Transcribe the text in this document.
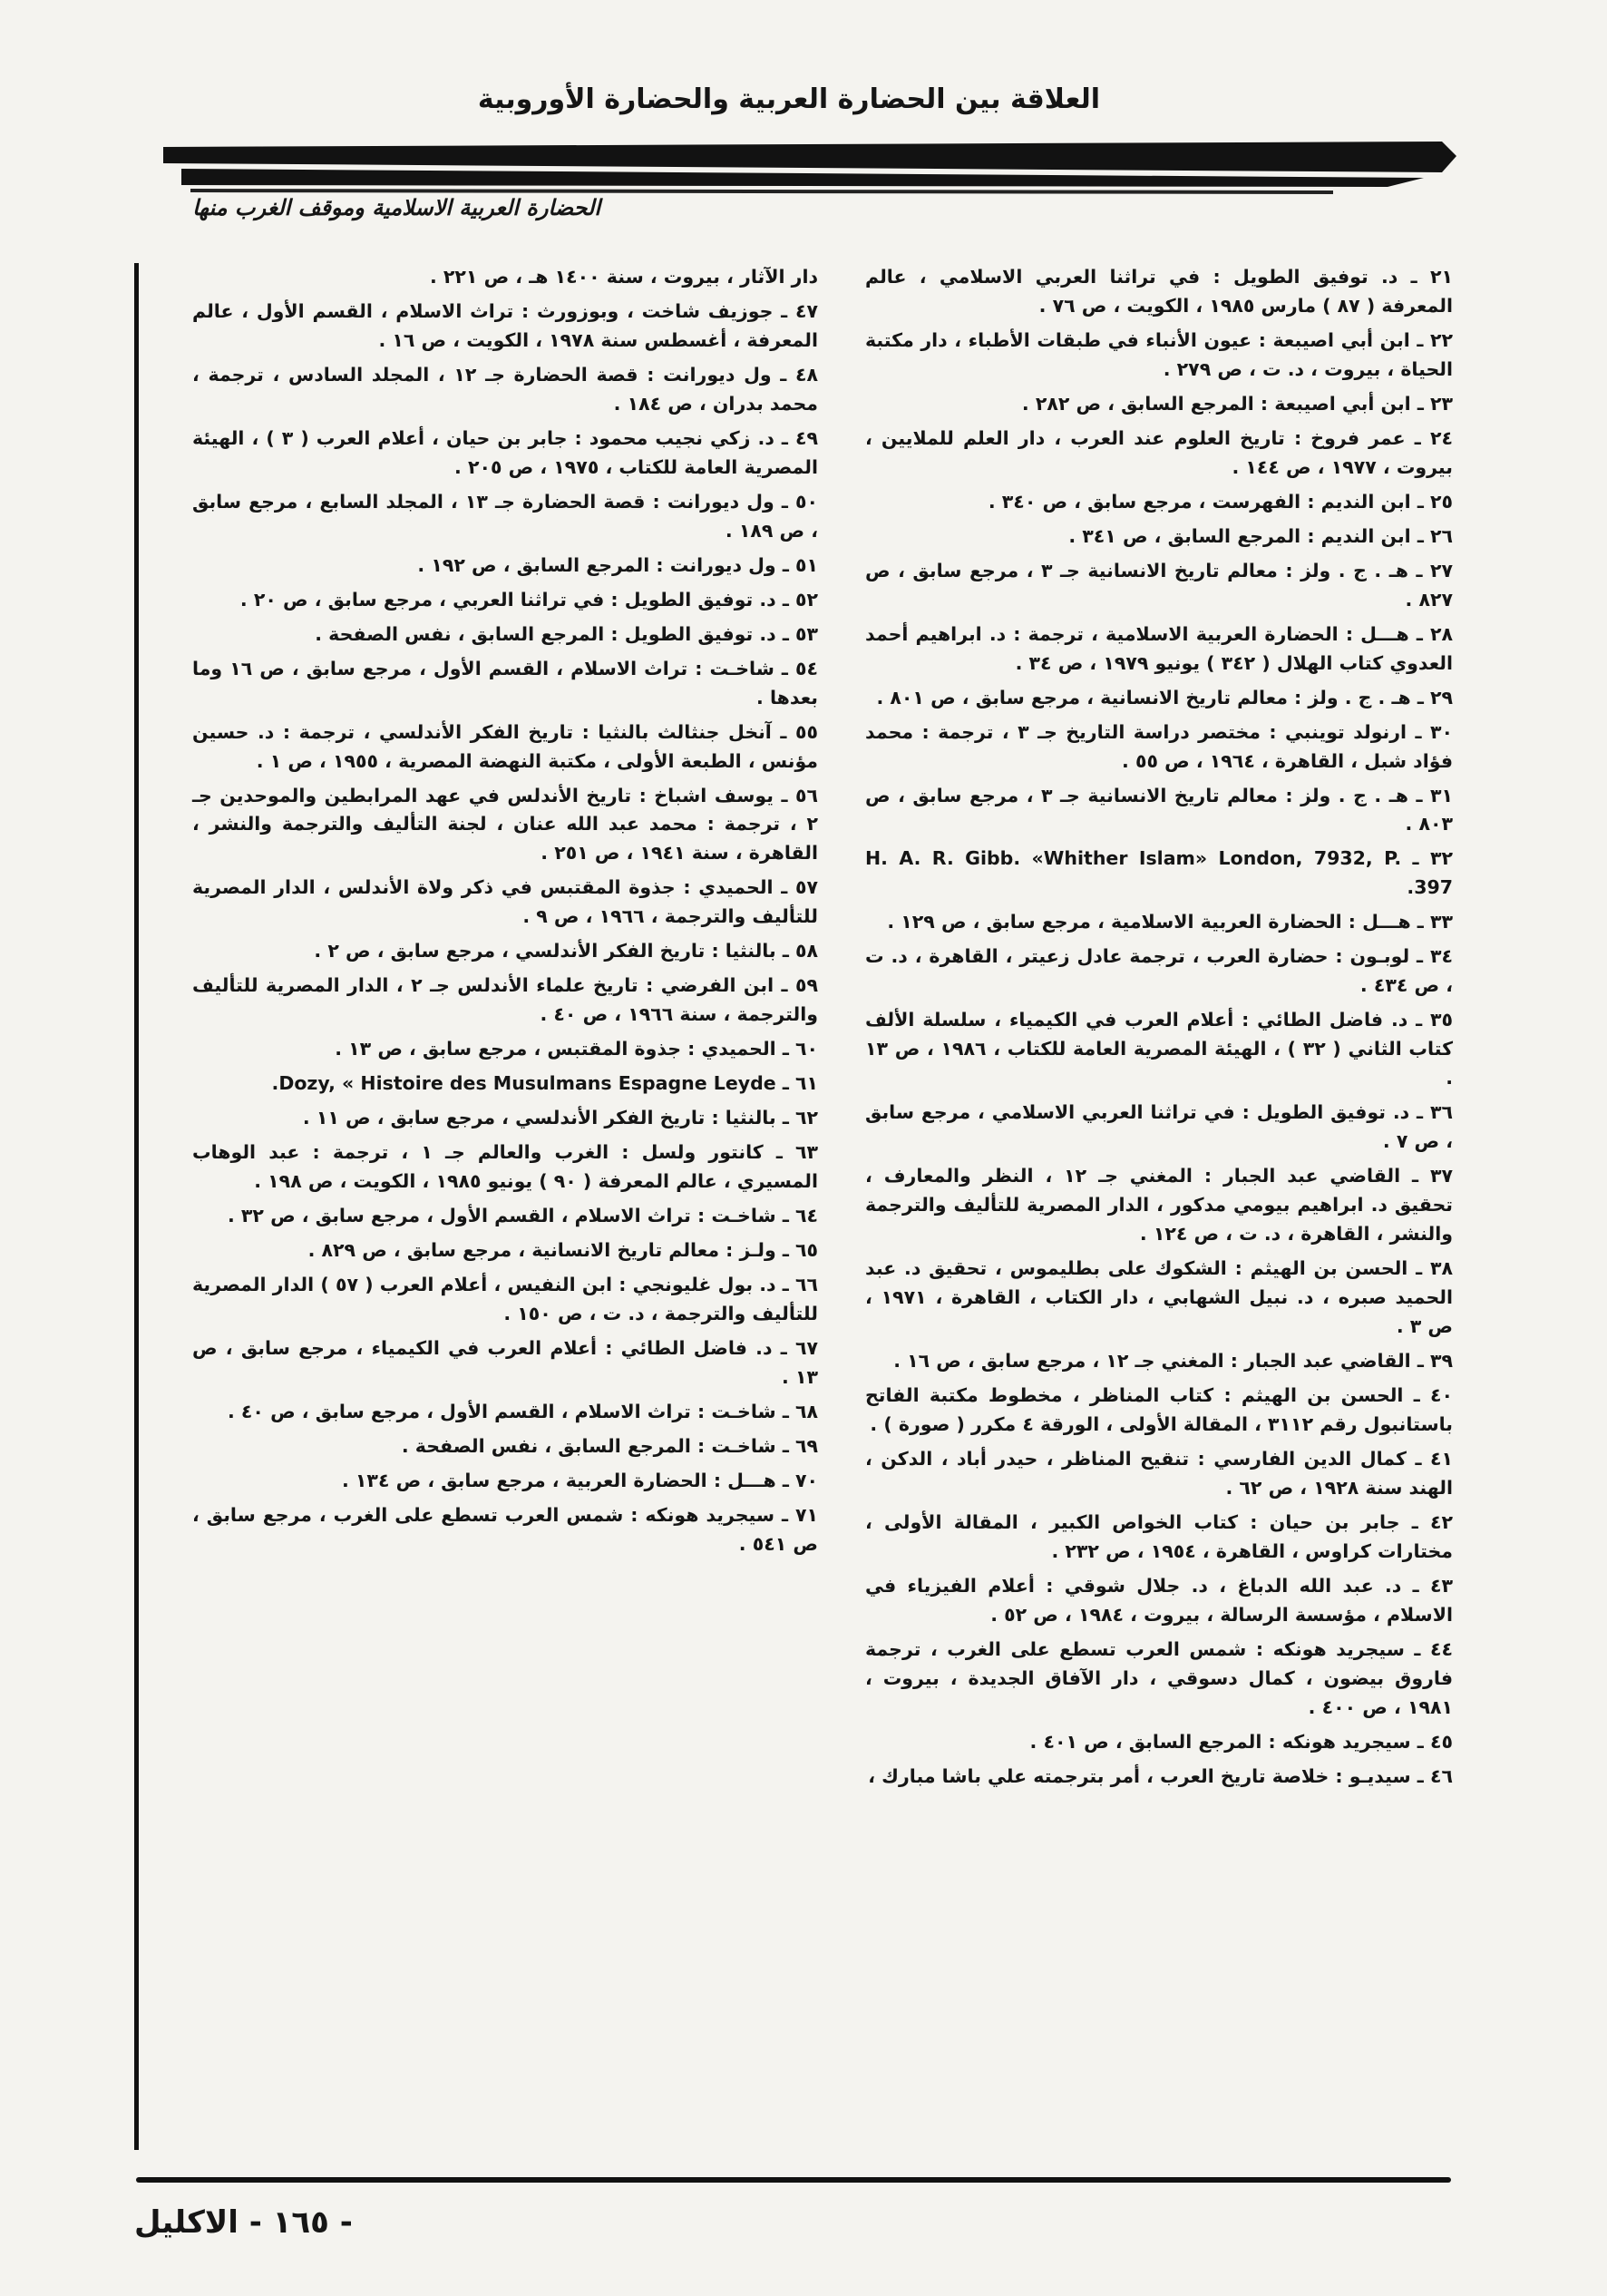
العلاقة بين الحضارة العربية والحضارة الأوروبية
الحضارة العربية الاسلامية وموقف الغرب منها

٢١ ـ د. توفيق الطويل : في تراثنا العربي الاسلامي ، عالم المعرفة ( ٨٧ ) مارس ١٩٨٥ ، الكويت ، ص ٧٦ .

٢٢ ـ ابن أبي اصيبعة : عيون الأنباء في طبقات الأطباء ، دار مكتبة الحياة ، بيروت ، د. ت ، ص ٢٧٩ .

٢٣ ـ ابن أبي اصيبعة : المرجع السابق ، ص ٢٨٢ .

٢٤ ـ عمر فروخ : تاريخ العلوم عند العرب ، دار العلم للملايين ، بيروت ، ١٩٧٧ ، ص ١٤٤ .

٢٥ ـ ابن النديم : الفهرست ، مرجع سابق ، ص ٣٤٠ .

٢٦ ـ ابن النديم : المرجع السابق ، ص ٣٤١ .

٢٧ ـ هـ . ج . ولز : معالم تاريخ الانسانية جـ ٣ ، مرجع سابق ، ص ٨٢٧ .

٢٨ ـ هـــل : الحضارة العربية الاسلامية ، ترجمة : د. ابراهيم أحمد العدوي كتاب الهلال ( ٣٤٢ ) يونيو ١٩٧٩ ، ص ٣٤ .

٢٩ ـ هـ . ج . ولز : معالم تاريخ الانسانية ، مرجع سابق ، ص ٨٠١ .

٣٠ ـ ارنولد توينبي : مختصر دراسة التاريخ جـ ٣ ، ترجمة : محمد فؤاد شبل ، القاهرة ، ١٩٦٤ ، ص ٥٥ .

٣١ ـ هـ . ج . ولز : معالم تاريخ الانسانية جـ ٣ ، مرجع سابق ، ص ٨٠٣ .

٣٢ ـ H. A. R. Gibb. «Whither Islam» London, 7932, P. 397.

٣٣ ـ هـــل : الحضارة العربية الاسلامية ، مرجع سابق ، ص ١٢٩ .

٣٤ ـ لوبـون : حضارة العرب ، ترجمة عادل زعيتر ، القاهرة ، د. ت ، ص ٤٣٤ .

٣٥ ـ د. فاضل الطائي : أعلام العرب في الكيمياء ، سلسلة الألف كتاب الثاني ( ٣٢ ) ، الهيئة المصرية العامة للكتاب ، ١٩٨٦ ، ص ١٣ .

٣٦ ـ د. توفيق الطويل : في تراثنا العربي الاسلامي ، مرجع سابق ، ص ٧ .

٣٧ ـ القاضي عبد الجبار : المغني جـ ١٢ ، النظر والمعارف ، تحقيق د. ابراهيم بيومي مدكور ، الدار المصرية للتأليف والترجمة والنشر ، القاهرة ، د. ت ، ص ١٢٤ .

٣٨ ـ الحسن بن الهيثم : الشكوك على بطليموس ، تحقيق د. عبد الحميد صبره ، د. نبيل الشهابي ، دار الكتاب ، القاهرة ، ١٩٧١ ، ص ٣ .

٣٩ ـ القاضي عبد الجبار : المغني جـ ١٢ ، مرجع سابق ، ص ١٦ .

٤٠ ـ الحسن بن الهيثم : كتاب المناظر ، مخطوط مكتبة الفاتح باستانبول رقم ٣١١٢ ، المقالة الأولى ، الورقة ٤ مكرر ( صورة ) .

٤١ ـ كمال الدين الفارسي : تنقيح المناظر ، حيدر أباد ، الدكن ، الهند سنة ١٩٢٨ ، ص ٦٢ .

٤٢ ـ جابر بن حيان : كتاب الخواص الكبير ، المقالة الأولى ، مختارات كراوس ، القاهرة ، ١٩٥٤ ، ص ٢٣٢ .

٤٣ ـ د. عبد الله الدباغ ، د. جلال شوقي : أعلام الفيزياء في الاسلام ، مؤسسة الرسالة ، بيروت ، ١٩٨٤ ، ص ٥٢ .

٤٤ ـ سيجريد هونكه : شمس العرب تسطع على الغرب ، ترجمة فاروق بيضون ، كمال دسوقي ، دار الآفاق الجديدة ، بيروت ، ١٩٨١ ، ص ٤٠٠ .

٤٥ ـ سيجريد هونكه : المرجع السابق ، ص ٤٠١ .

٤٦ ـ سيديـو : خلاصة تاريخ العرب ، أمر بترجمته علي باشا مبارك ،

دار الآثار ، بيروت ، سنة ١٤٠٠ هـ ، ص ٢٢١ .

٤٧ ـ جوزيف شاخت ، وبوزورث : تراث الاسلام ، القسم الأول ، عالم المعرفة ، أغسطس سنة ١٩٧٨ ، الكويت ، ص ١٦ .

٤٨ ـ ول ديورانت : قصة الحضارة جـ ١٢ ، المجلد السادس ، ترجمة ، محمد بدران ، ص ١٨٤ .

٤٩ ـ د. زكي نجيب محمود : جابر بن حيان ، أعلام العرب ( ٣ ) ، الهيئة المصرية العامة للكتاب ، ١٩٧٥ ، ص ٢٠٥ .

٥٠ ـ ول ديورانت : قصة الحضارة جـ ١٣ ، المجلد السابع ، مرجع سابق ، ص ١٨٩ .

٥١ ـ ول ديورانت : المرجع السابق ، ص ١٩٢ .

٥٢ ـ د. توفيق الطويل : في تراثنا العربي ، مرجع سابق ، ص ٢٠ .

٥٣ ـ د. توفيق الطويل : المرجع السابق ، نفس الصفحة .

٥٤ ـ شاخـت : تراث الاسلام ، القسم الأول ، مرجع سابق ، ص ١٦ وما بعدها .

٥٥ ـ آنخل جنثالث بالنثيا : تاريخ الفكر الأندلسي ، ترجمة : د. حسين مؤنس ، الطبعة الأولى ، مكتبة النهضة المصرية ، ١٩٥٥ ، ص ١ .

٥٦ ـ يوسف اشباخ : تاريخ الأندلس في عهد المرابطين والموحدين جـ ٢ ، ترجمة : محمد عبد الله عنان ، لجنة التأليف والترجمة والنشر ، القاهرة ، سنة ١٩٤١ ، ص ٢٥١ .

٥٧ ـ الحميدي : جذوة المقتبس في ذكر ولاة الأندلس ، الدار المصرية للتأليف والترجمة ، ١٩٦٦ ، ص ٩ .

٥٨ ـ بالنثيا : تاريخ الفكر الأندلسي ، مرجع سابق ، ص ٢ .

٥٩ ـ ابن الفرضي : تاريخ علماء الأندلس جـ ٢ ، الدار المصرية للتأليف والترجمة ، سنة ١٩٦٦ ، ص ٤٠ .

٦٠ ـ الحميدي : جذوة المقتبس ، مرجع سابق ، ص ١٣ .

٦١ ـ Dozy, « Histoire des Musulmans Espagne Leyde.

٦٢ ـ بالنثيا : تاريخ الفكر الأندلسي ، مرجع سابق ، ص ١١ .

٦٣ ـ كانتور ولسل : الغرب والعالم جـ ١ ، ترجمة : عبد الوهاب المسيري ، عالم المعرفة ( ٩٠ ) يونيو ١٩٨٥ ، الكويت ، ص ١٩٨ .

٦٤ ـ شاخـت : تراث الاسلام ، القسم الأول ، مرجع سابق ، ص ٣٢ .

٦٥ ـ ولـز : معالم تاريخ الانسانية ، مرجع سابق ، ص ٨٢٩ .

٦٦ ـ د. بول غليونجي : ابن النفيس ، أعلام العرب ( ٥٧ ) الدار المصرية للتأليف والترجمة ، د. ت ، ص ١٥٠ .

٦٧ ـ د. فاضل الطائي : أعلام العرب في الكيمياء ، مرجع سابق ، ص ١٣ .

٦٨ ـ شاخـت : تراث الاسلام ، القسم الأول ، مرجع سابق ، ص ٤٠ .

٦٩ ـ شاخـت : المرجع السابق ، نفس الصفحة .

٧٠ ـ هـــل : الحضارة العربية ، مرجع سابق ، ص ١٣٤ .

٧١ ـ سيجريد هونكه : شمس العرب تسطع على الغرب ، مرجع سابق ، ص ٥٤١ .

الاكليل - ١٦٥ -
